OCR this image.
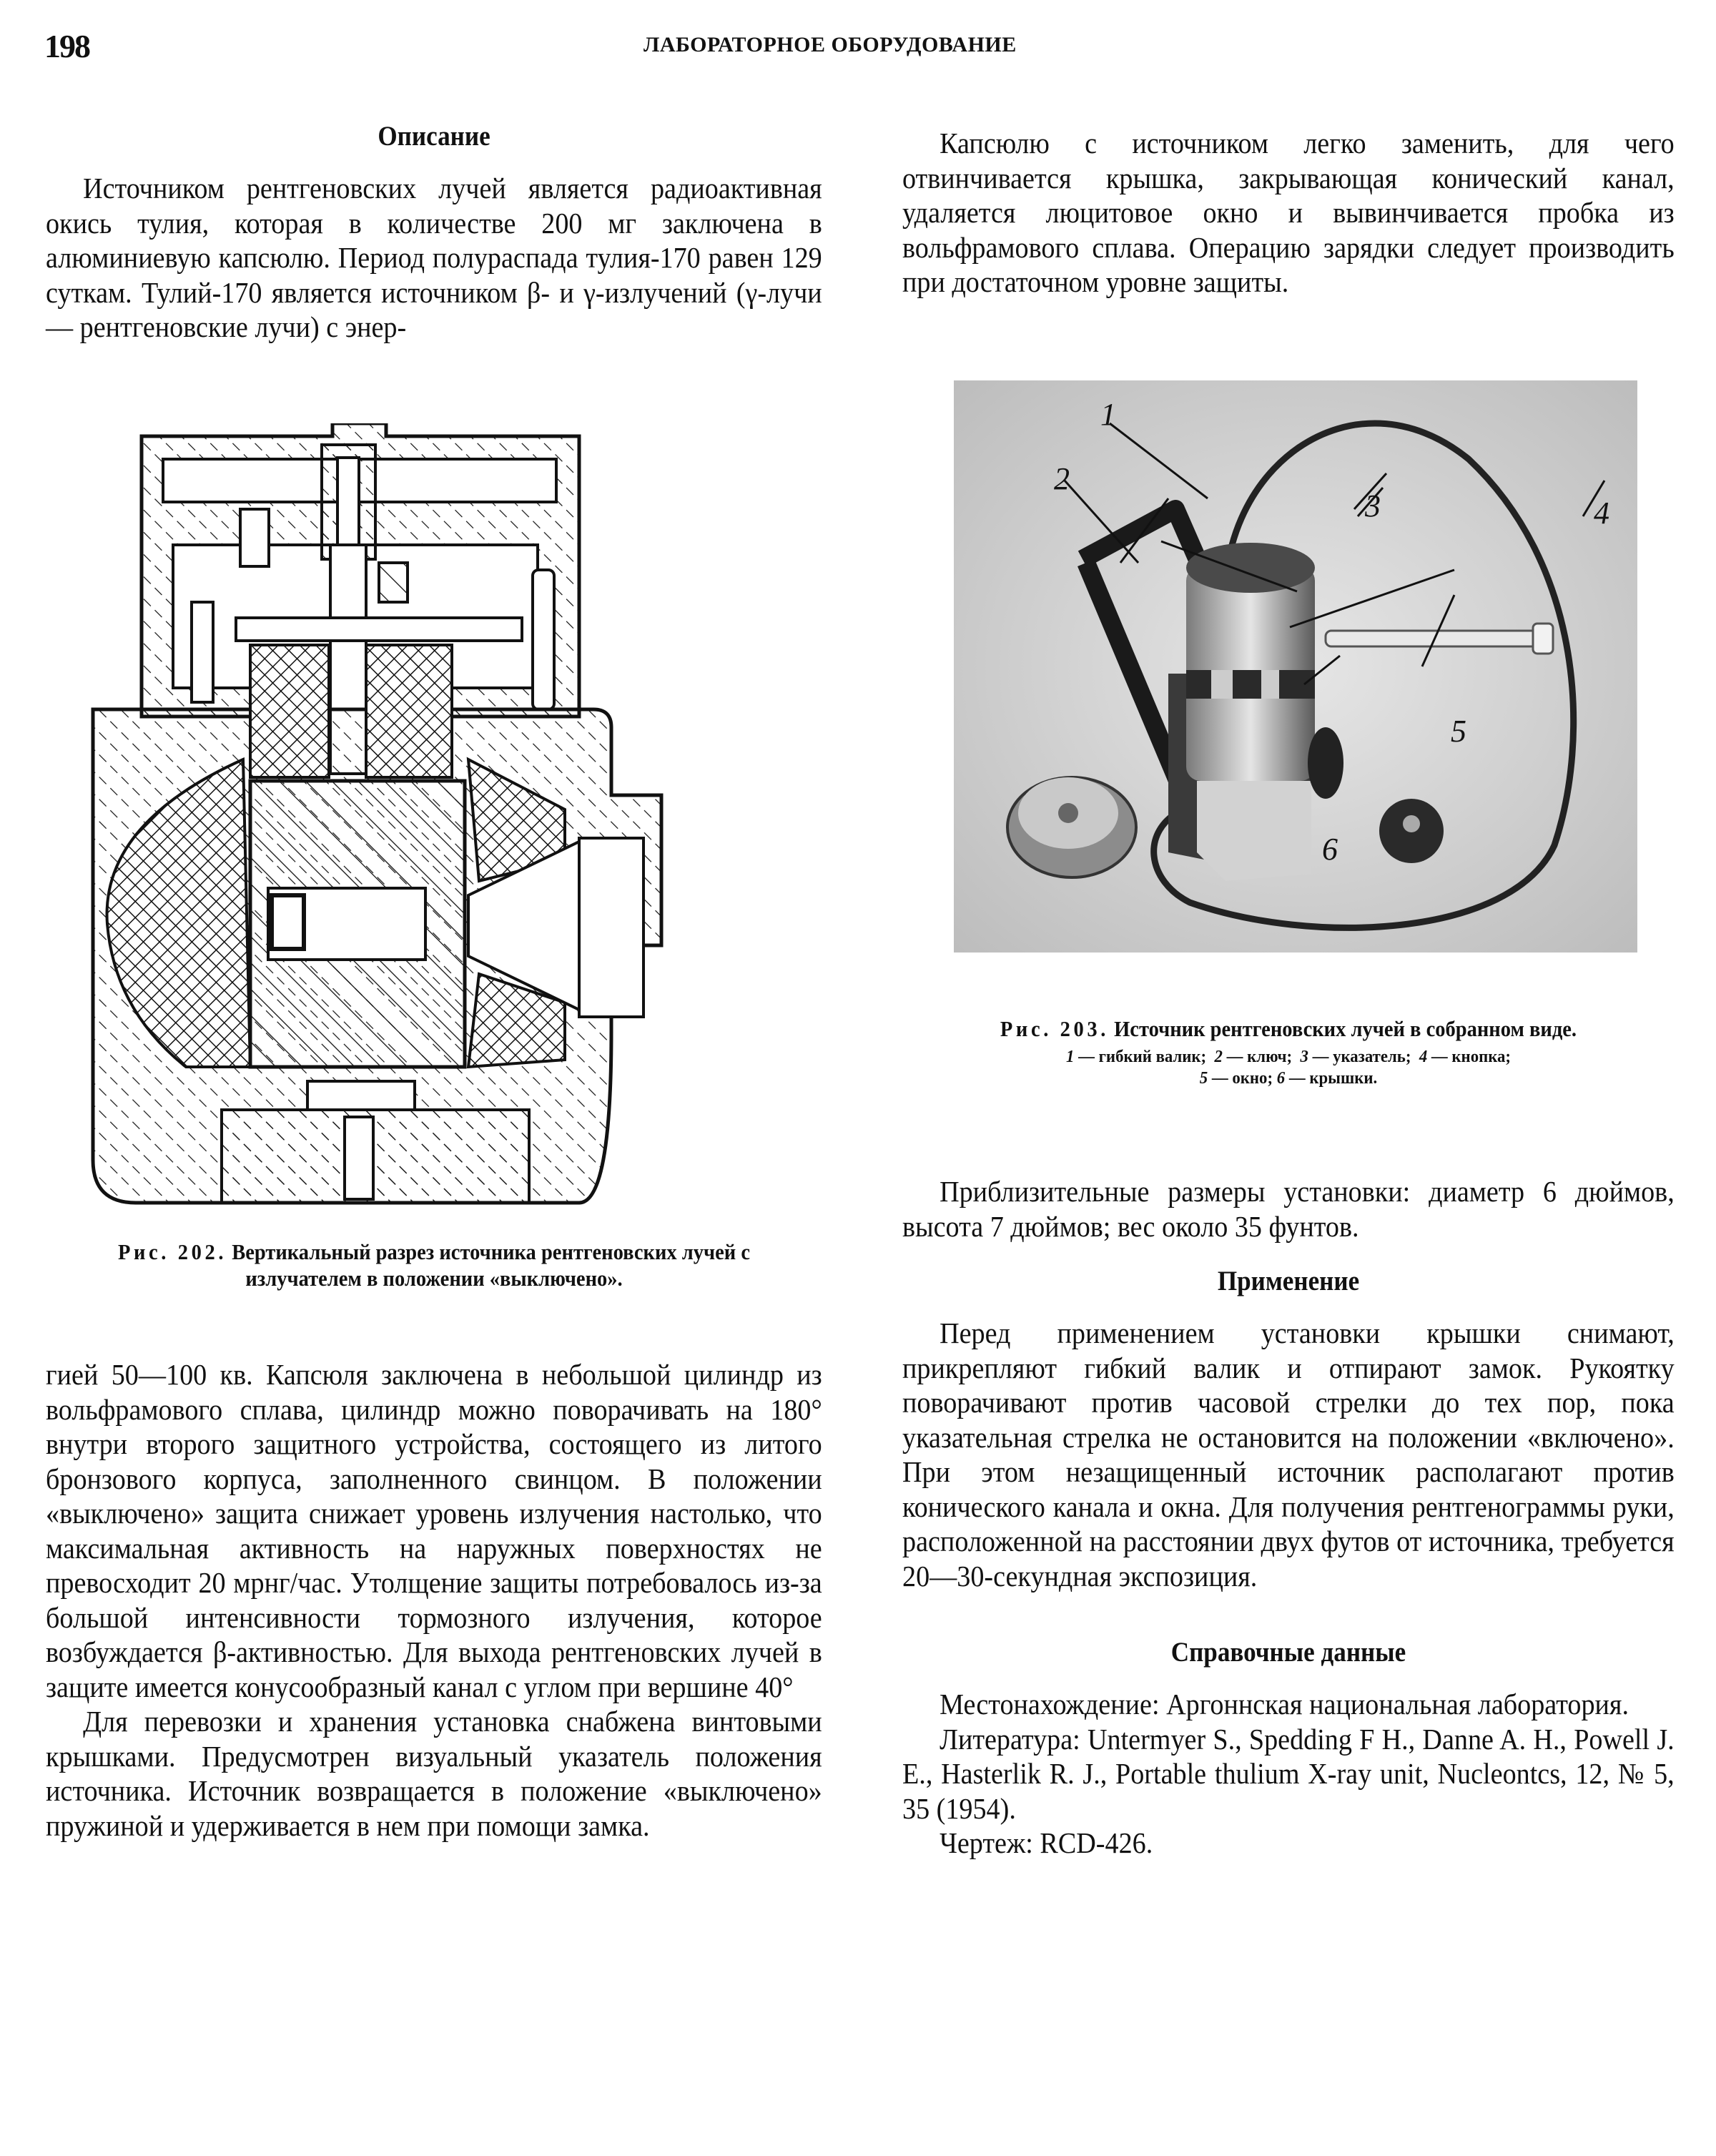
198	ЛАБОРАТОРНОЕ ОБОРУДОВАНИЕ
Описание

Источником рентгеновских лучей является радиоактивная окись тулия, которая в количестве 200 мг заключена в алюминиевую капсюлю. Период полураспада тулия-170 равен 129 суткам. Тулий-170 является источником β- и γ-излучений (γ-лучи — рентгеновские лучи) с энер-

Рис. 202. Вертикальный разрез источника рентгеновских лучей с излучателем в положении «выключено».

гией 50—100 кв. Капсюля заключена в небольшой цилиндр из вольфрамового сплава, цилиндр можно поворачивать на 180° внутри второго защитного устройства, состоящего из литого бронзового корпуса, заполненного свинцом. В положении «выключено» защита снижает уровень излучения настолько, что максимальная активность на наружных поверхностях не превосходит 20 мрнг/час. Утолщение защиты потребовалось из-за большой интенсивности тормозного излучения, которое возбуждается β-активностью. Для выхода рентгеновских лучей в защите имеется конусообразный канал с углом при вершине 40°

Для перевозки и хранения установка снабжена винтовыми крышками. Предусмотрен визуальный указатель положения источника. Источник возвращается в положение «выключено» пружиной и удерживается в нем при помощи замка.

Капсюлю с источником легко заменить, для чего отвинчивается крышка, закрывающая конический канал, удаляется люцитовое окно и вывинчивается пробка из вольфрамового сплава. Операцию зарядки следует производить при достаточном уровне защиты.

1
2
3	4
5
6
Рис. 203. Источник рентгеновских лучей в собранном виде.
1 — гибкий валик; 2 — ключ; 3 — указатель; 4 — кнопка;
5 — окно; 6 — крышки.

Приблизительные размеры установки: диаметр 6 дюймов, высота 7 дюймов; вес около 35 фунтов.

Применение

Перед применением установки крышки снимают, прикрепляют гибкий валик и отпирают замок. Рукоятку поворачивают против часовой стрелки до тех пор, пока указательная стрелка не остановится на положении «включено». При этом незащищенный источник располагают против конического канала и окна. Для получения рентгенограммы руки, расположенной на расстоянии двух футов от источника, требуется 20—30-секундная экспозиция.

Справочные данные

Местонахождение: Аргоннская национальная лаборатория.

Литература: Untermyer S., Spedding F H., Danne A. H., Powell J. E., Hasterlik R. J., Portable thulium X-ray unit, Nucleontcs, 12, № 5, 35 (1954).

Чертеж: RCD-426.
